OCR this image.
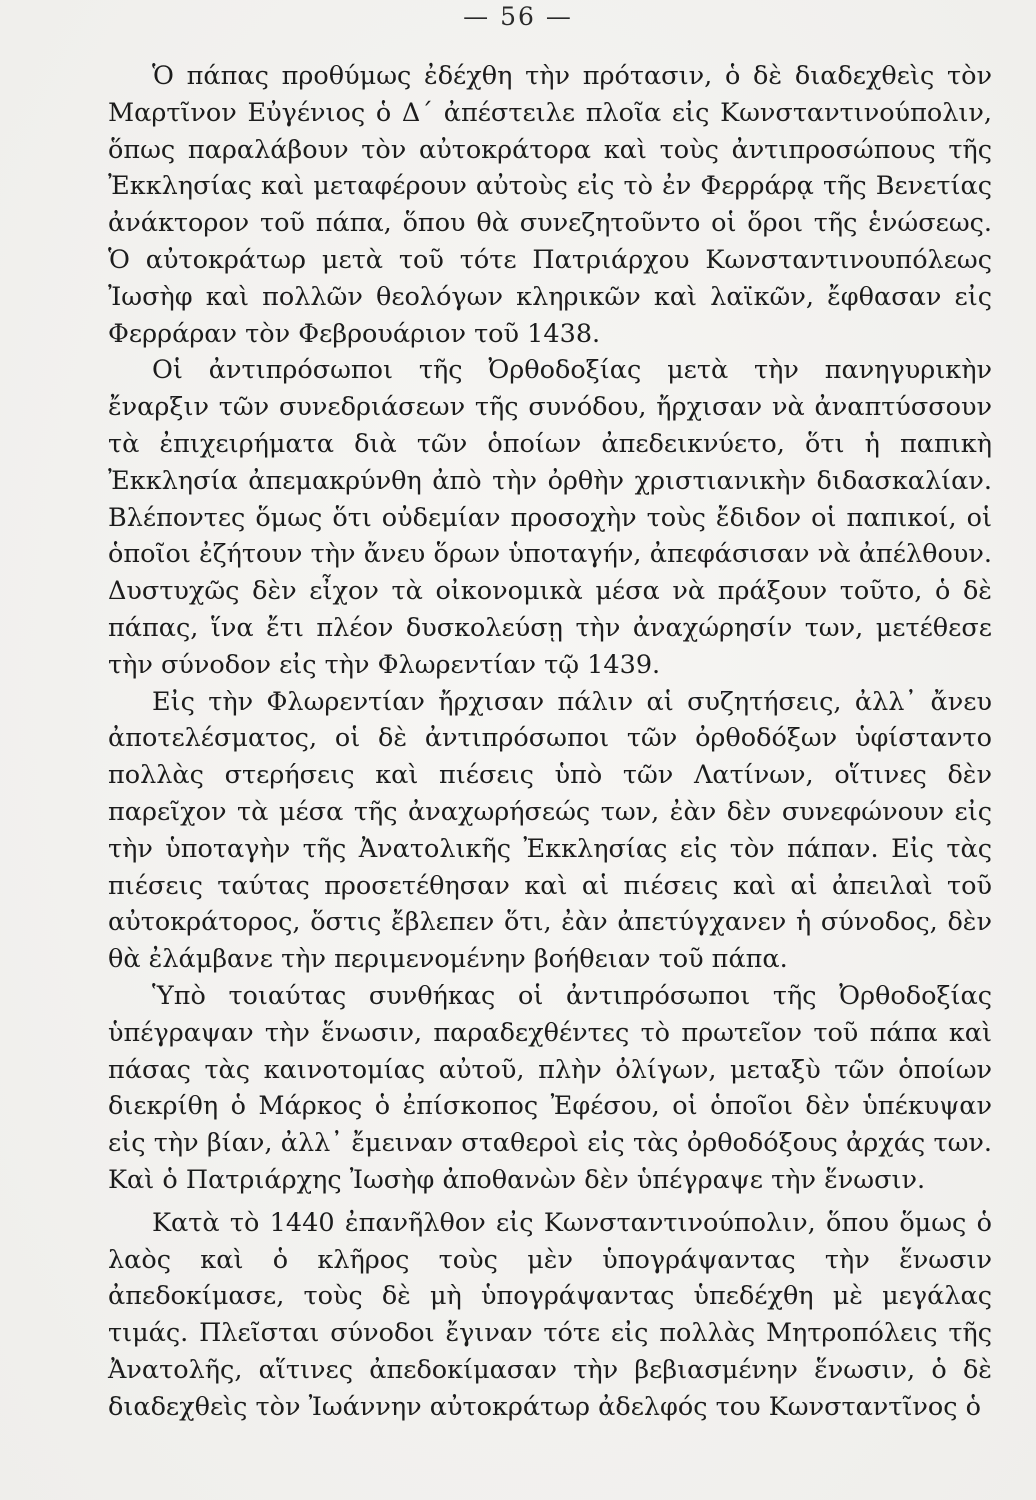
— 56 —

Ὁ πάπας προθύμως ἐδέχθη τὴν πρότασιν, ὁ δὲ διαδεχθεὶς τὸν Μαρτῖνον Εὐγένιος ὁ Δ΄ ἀπέστειλε πλοῖα εἰς Κωνσταντινούπολιν, ὅπως παραλάβουν τὸν αὐτοκράτορα καὶ τοὺς ἀντιπροσώπους τῆς Ἐκκλησίας καὶ μεταφέρουν αὐτοὺς εἰς τὸ ἐν Φερράρᾳ τῆς Βενετίας ἀνάκτορον τοῦ πάπα, ὅπου θὰ συνεζητοῦντο οἱ ὅροι τῆς ἑνώσεως. Ὁ αὐτοκράτωρ μετὰ τοῦ τότε Πατριάρχου Κωνσταντινουπόλεως Ἰωσὴφ καὶ πολλῶν θεολόγων κληρικῶν καὶ λαϊκῶν, ἔφθασαν εἰς Φερράραν τὸν Φεβρουάριον τοῦ 1438.

Οἱ ἀντιπρόσωποι τῆς Ὀρθοδοξίας μετὰ τὴν πανηγυρικὴν ἔναρξιν τῶν συνεδριάσεων τῆς συνόδου, ἤρχισαν νὰ ἀναπτύσσουν τὰ ἐπιχειρήματα διὰ τῶν ὁποίων ἀπεδεικνύετο, ὅτι ἡ παπικὴ Ἐκκλησία ἀπεμακρύνθη ἀπὸ τὴν ὀρθὴν χριστιανικὴν διδασκαλίαν. Βλέποντες ὅμως ὅτι οὐδεμίαν προσοχὴν τοὺς ἔδιδον οἱ παπικοί, οἱ ὁποῖοι ἐζήτουν τὴν ἄνευ ὅρων ὑποταγήν, ἀπεφάσισαν νὰ ἀπέλθουν. Δυστυχῶς δὲν εἶχον τὰ οἰκονομικὰ μέσα νὰ πράξουν τοῦτο, ὁ δὲ πάπας, ἵνα ἔτι πλέον δυσκολεύσῃ τὴν ἀναχώρησίν των, μετέθεσε τὴν σύνοδον εἰς τὴν Φλωρεντίαν τῷ 1439.

Εἰς τὴν Φλωρεντίαν ἤρχισαν πάλιν αἱ συζητήσεις, ἀλλ᾿ ἄνευ ἀποτελέσματος, οἱ δὲ ἀντιπρόσωποι τῶν ὀρθοδόξων ὑφίσταντο πολλὰς στερήσεις καὶ πιέσεις ὑπὸ τῶν Λατίνων, οἵτινες δὲν παρεῖχον τὰ μέσα τῆς ἀναχωρήσεώς των, ἐὰν δὲν συνεφώνουν εἰς τὴν ὑποταγὴν τῆς Ἀνατολικῆς Ἐκκλησίας εἰς τὸν πάπαν. Εἰς τὰς πιέσεις ταύτας προσετέθησαν καὶ αἱ πιέσεις καὶ αἱ ἀπειλαὶ τοῦ αὐτοκράτορος, ὅστις ἔβλεπεν ὅτι, ἐὰν ἀπετύγχανεν ἡ σύνοδος, δὲν θὰ ἐλάμβανε τὴν περιμενομένην βοήθειαν τοῦ πάπα.

Ὑπὸ τοιαύτας συνθήκας οἱ ἀντιπρόσωποι τῆς Ὀρθοδοξίας ὑπέγραψαν τὴν ἕνωσιν, παραδεχθέντες τὸ πρωτεῖον τοῦ πάπα καὶ πάσας τὰς καινοτομίας αὐτοῦ, πλὴν ὀλίγων, μεταξὺ τῶν ὁποίων διεκρίθη ὁ Μάρκος ὁ ἐπίσκοπος Ἐφέσου, οἱ ὁποῖοι δὲν ὑπέκυψαν εἰς τὴν βίαν, ἀλλ᾿ ἔμειναν σταθεροὶ εἰς τὰς ὀρθοδόξους ἀρχάς των. Καὶ ὁ Πατριάρχης Ἰωσὴφ ἀποθανὼν δὲν ὑπέγραψε τὴν ἕνωσιν.

Κατὰ τὸ 1440 ἐπανῆλθον εἰς Κωνσταντινούπολιν, ὅπου ὅμως ὁ λαὸς καὶ ὁ κλῆρος τοὺς μὲν ὑπογράψαντας τὴν ἕνωσιν ἀπεδοκίμασε, τοὺς δὲ μὴ ὑπογράψαντας ὑπεδέχθη μὲ μεγάλας τιμάς. Πλεῖσται σύνοδοι ἔγιναν τότε εἰς πολλὰς Μητροπόλεις τῆς Ἀνατολῆς, αἵτινες ἀπεδοκίμασαν τὴν βεβιασμένην ἕνωσιν, ὁ δὲ διαδεχθεὶς τὸν Ἰωάννην αὐτοκράτωρ ἀδελφός του Κωνσταντῖνος ὁ
